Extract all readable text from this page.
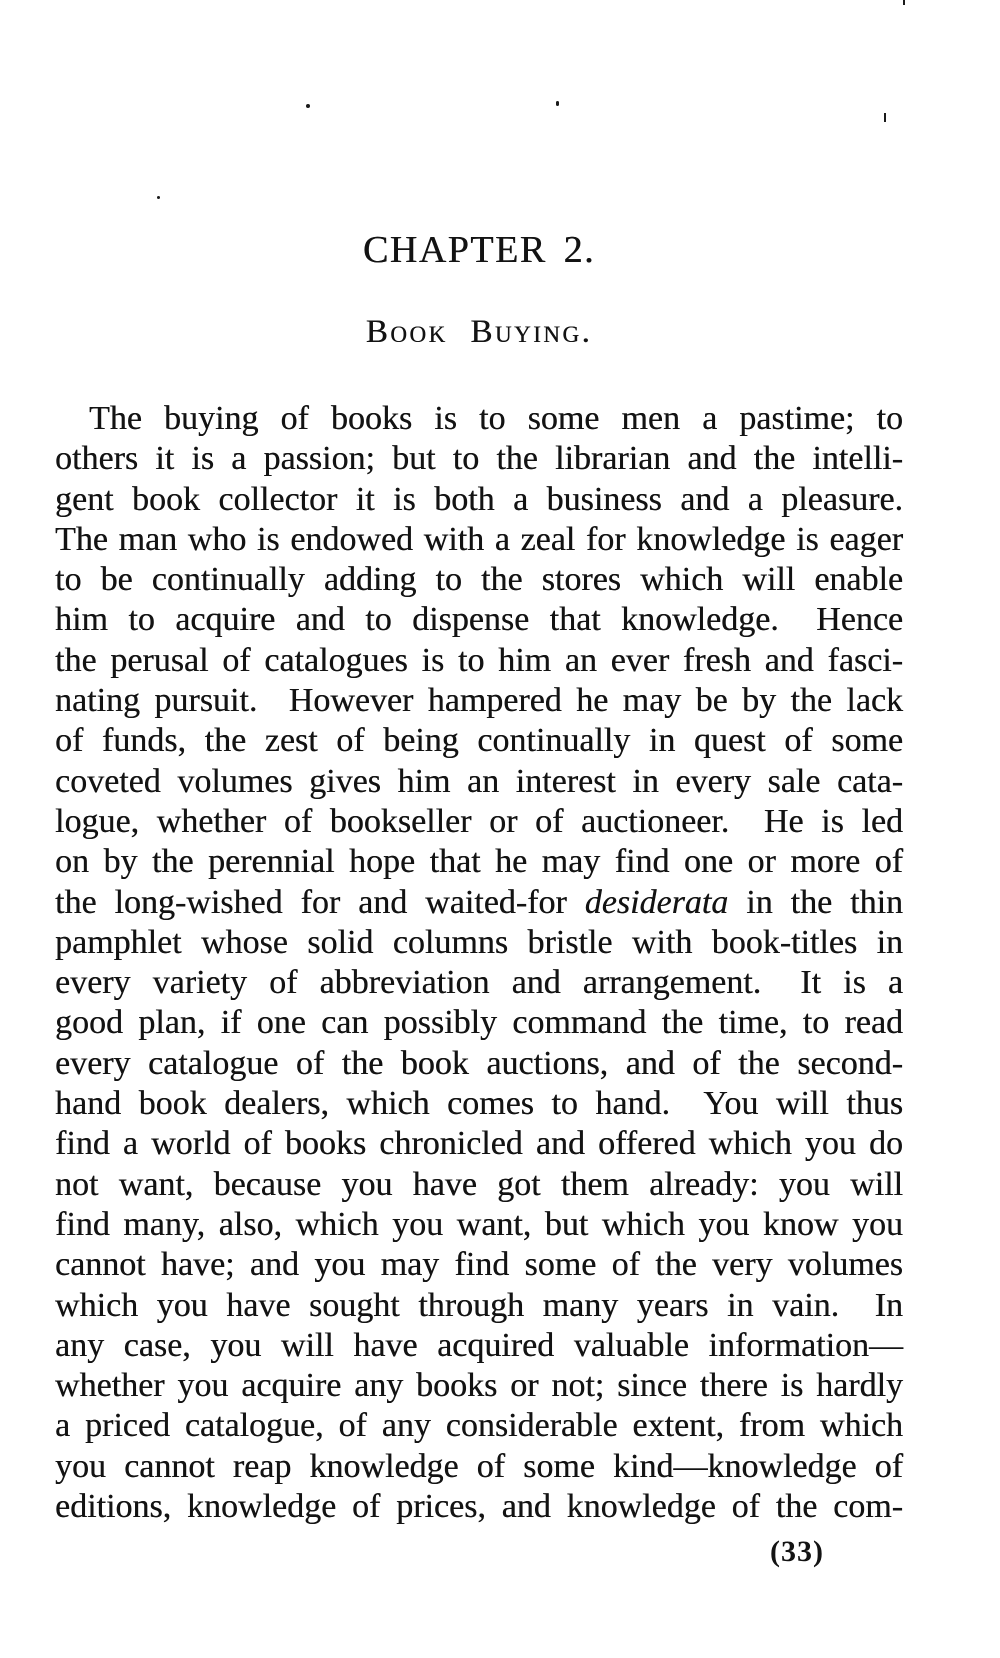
CHAPTER 2.
Book Buying.
The buying of books is to some men a pastime; to
others it is a passion; but to the librarian and the intelli-
gent book collector it is both a business and a pleasure.
The man who is endowed with a zeal for knowledge is eager
to be continually adding to the stores which will enable
him to acquire and to dispense that knowledge.  Hence
the perusal of catalogues is to him an ever fresh and fasci-
nating pursuit.  However hampered he may be by the lack
of funds, the zest of being continually in quest of some
coveted volumes gives him an interest in every sale cata-
logue, whether of bookseller or of auctioneer.  He is led
on by the perennial hope that he may find one or more of
the long-wished for and waited-for desiderata in the thin
pamphlet whose solid columns bristle with book-titles in
every variety of abbreviation and arrangement.  It is a
good plan, if one can possibly command the time, to read
every catalogue of the book auctions, and of the second-
hand book dealers, which comes to hand.  You will thus
find a world of books chronicled and offered which you do
not want, because you have got them already: you will
find many, also, which you want, but which you know you
cannot have; and you may find some of the very volumes
which you have sought through many years in vain.  In
any case, you will have acquired valuable information—
whether you acquire any books or not; since there is hardly
a priced catalogue, of any considerable extent, from which
you cannot reap knowledge of some kind—knowledge of
editions, knowledge of prices, and knowledge of the com-
(33)
